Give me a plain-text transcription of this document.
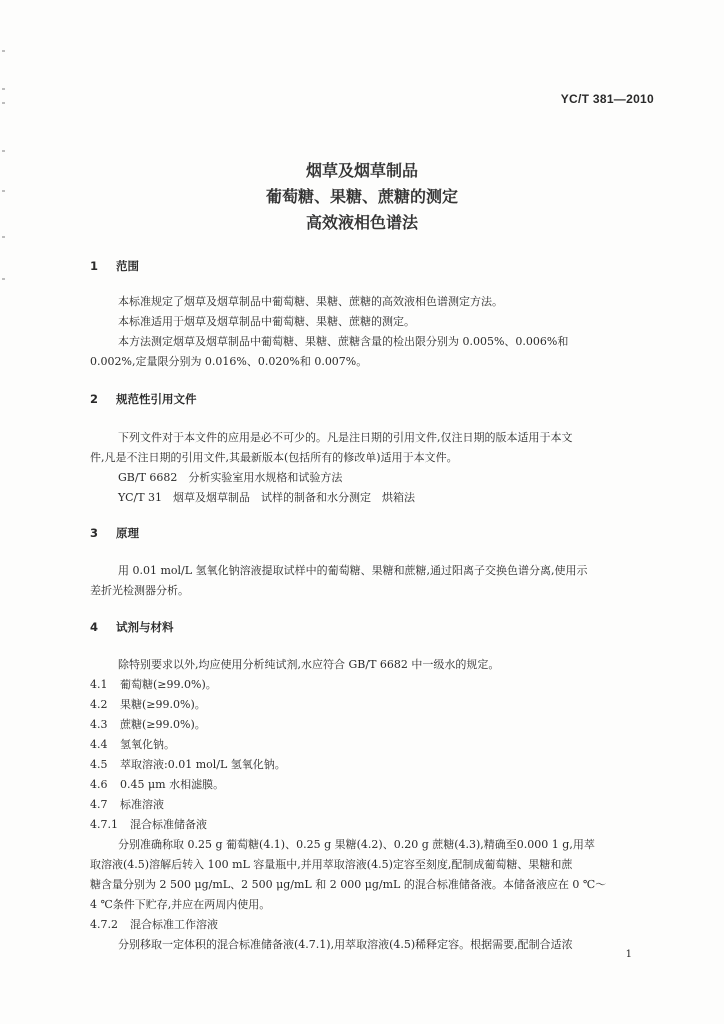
YC/T 381—2010
烟草及烟草制品
葡萄糖、果糖、蔗糖的测定
高效液相色谱法
1 范围
本标准规定了烟草及烟草制品中葡萄糖、果糖、蔗糖的高效液相色谱测定方法。
本标准适用于烟草及烟草制品中葡萄糖、果糖、蔗糖的测定。
本方法测定烟草及烟草制品中葡萄糖、果糖、蔗糖含量的检出限分别为 0.005%、0.006%和
0.002%,定量限分别为 0.016%、0.020%和 0.007%。
2 规范性引用文件
下列文件对于本文件的应用是必不可少的。凡是注日期的引用文件,仅注日期的版本适用于本文
件,凡是不注日期的引用文件,其最新版本(包括所有的修改单)适用于本文件。
GB/T 6682　分析实验室用水规格和试验方法
YC/T 31　烟草及烟草制品　试样的制备和水分测定　烘箱法
3 原理
用 0.01 mol/L 氢氧化钠溶液提取试样中的葡萄糖、果糖和蔗糖,通过阳离子交换色谱分离,使用示
差折光检测器分析。
4 试剂与材料
除特别要求以外,均应使用分析纯试剂,水应符合 GB/T 6682 中一级水的规定。
4.1 葡萄糖(≥99.0%)。
4.2 果糖(≥99.0%)。
4.3 蔗糖(≥99.0%)。
4.4 氢氧化钠。
4.5 萃取溶液:0.01 mol/L 氢氧化钠。
4.6 0.45 μm 水相滤膜。
4.7 标准溶液
4.7.1 混合标准储备液
分别准确称取 0.25 g 葡萄糖(4.1)、0.25 g 果糖(4.2)、0.20 g 蔗糖(4.3),精确至0.000 1 g,用萃
取溶液(4.5)溶解后转入 100 mL 容量瓶中,并用萃取溶液(4.5)定容至刻度,配制成葡萄糖、果糖和蔗
糖含量分别为 2 500 μg/mL、2 500 μg/mL 和 2 000 μg/mL 的混合标准储备液。本储备液应在 0 ℃～
4 ℃条件下贮存,并应在两周内使用。
4.7.2 混合标准工作溶液
分别移取一定体积的混合标准储备液(4.7.1),用萃取溶液(4.5)稀释定容。根据需要,配制合适浓
1
